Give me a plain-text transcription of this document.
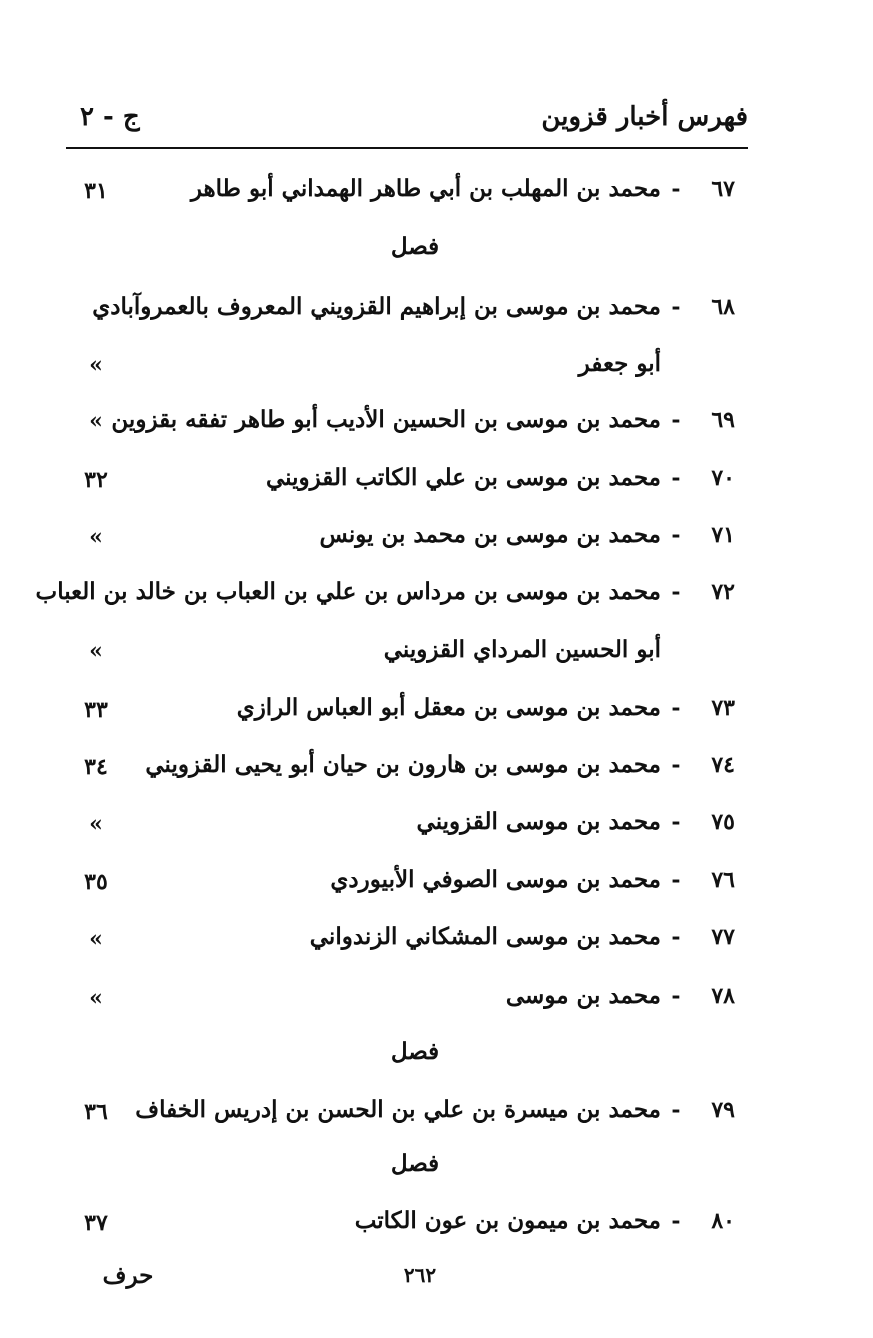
فهرس أخبار قزوين
ج - ٢
٦٧
-
محمد بن المهلب بن أبي طاهر الهمداني أبو طاهر
٣١
فصل
٦٨
-
محمد بن موسى بن إبراهيم القزويني المعروف بالعمروآبادي
أبو جعفر
»
٦٩
-
محمد بن موسى بن الحسين الأديب أبو طاهر تفقه بقزوين
»
٧٠
-
محمد بن موسى بن علي الكاتب القزويني
٣٢
٧١
-
محمد بن موسى بن محمد بن يونس
»
٧٢
-
محمد بن موسى بن مرداس بن علي بن العباب بن خالد بن العباب
أبو الحسين المرداي القزويني
»
٧٣
-
محمد بن موسى بن معقل أبو العباس الرازي
٣٣
٧٤
-
محمد بن موسى بن هارون بن حيان أبو يحيى القزويني
٣٤
٧٥
-
محمد بن موسى القزويني
»
٧٦
-
محمد بن موسى الصوفي الأبيوردي
٣٥
٧٧
-
محمد بن موسى المشكاني الزندواني
»
٧٨
-
محمد بن موسى
»
فصل
٧٩
-
محمد بن ميسرة بن علي بن الحسن بن إدريس الخفاف
٣٦
فصل
٨٠
-
محمد بن ميمون بن عون الكاتب
٣٧
٢٦٢
حرف
